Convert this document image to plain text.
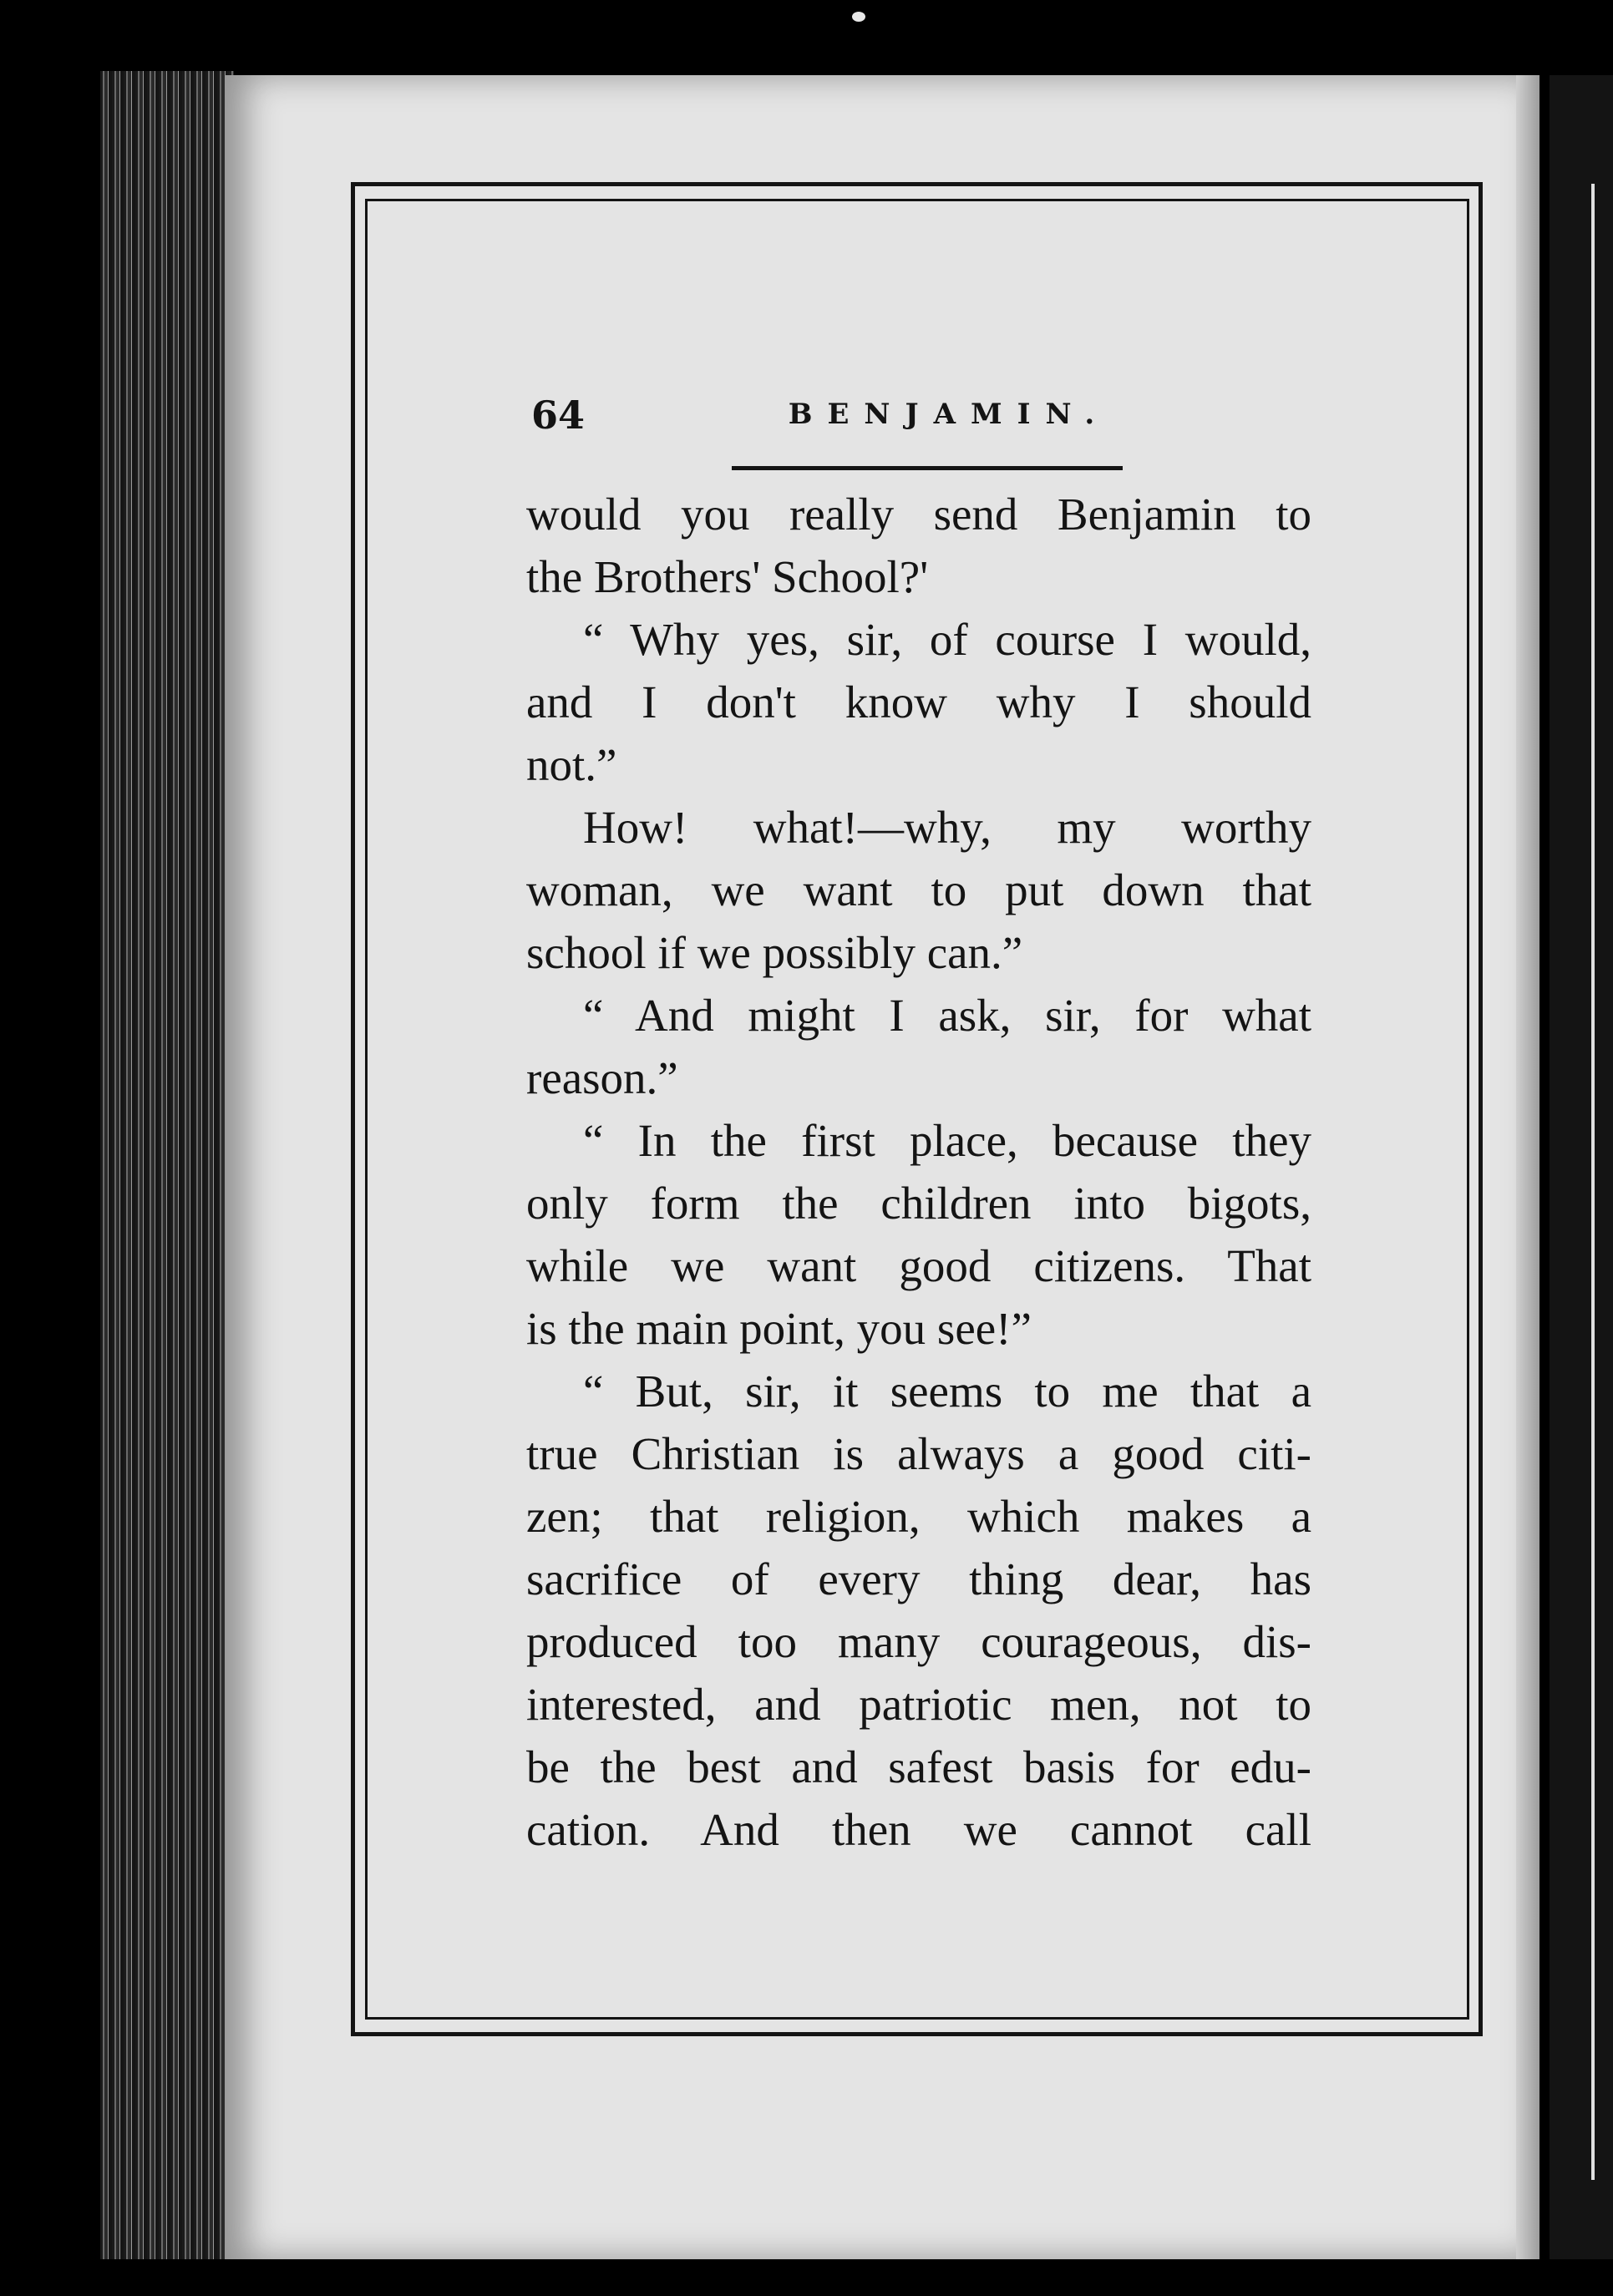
64	BENJAMIN.
would you really send Benjamin to
the Brothers' School?'
“ Why yes, sir, of course I would,
and I don't know why I should
not.”
How! what!—why, my worthy
woman, we want to put down that
school if we possibly can.”
“ And might I ask, sir, for what
reason.”
“ In the first place, because they
only form the children into bigots,
while we want good citizens. That
is the main point, you see!”
“ But, sir, it seems to me that a
true Christian is always a good citi-
zen; that religion, which makes a
sacrifice of every thing dear, has
produced too many courageous, dis-
interested, and patriotic men, not to
be the best and safest basis for edu-
cation. And then we cannot call
